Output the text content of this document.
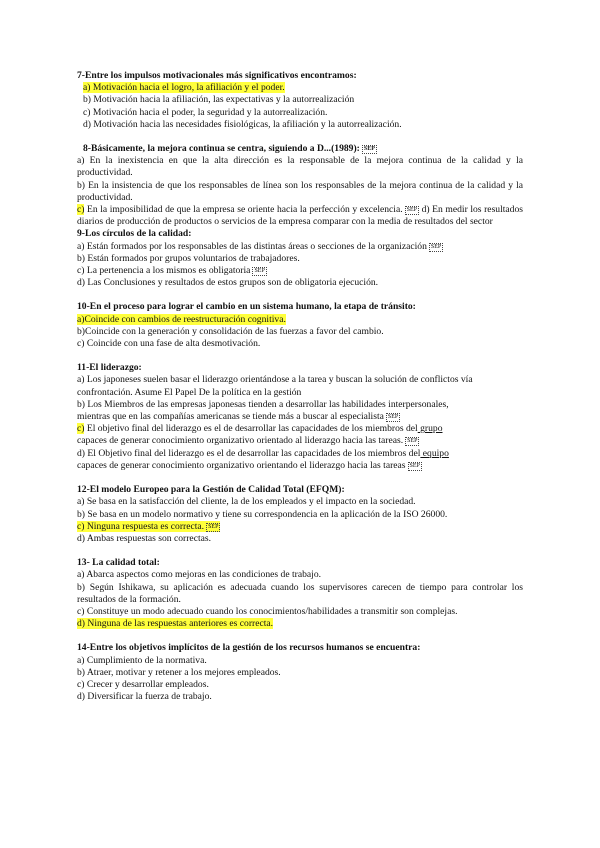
7-Entre los impulsos motivacionales más significativos encontramos:

a) Motivación hacia el logro, la afiliación y el poder.

b) Motivación hacia la afiliación, las expectativas y la autorrealización

c) Motivación hacia el poder, la seguridad y la autorrealización.

d) Motivación hacia las necesidades fisiológicas, la afiliación y la autorrealización.

8-Básicamente, la mejora continua se centra, siguiendo a D...(1989): SEP

a) En la inexistencia en que la alta dirección es la responsable de la mejora continua de la calidad y la productividad.

b) En la insistencia de que los responsables de línea son los responsables de la mejora continua de la calidad y la productividad.

c) En la imposibilidad de que la empresa se oriente hacia la perfección y excelencia. SEP d) En medir los resultados diarios de producción de productos o servicios de la empresa comparar con la media de resultados del sector

9-Los círculos de la calidad:

a) Están formados por los responsables de las distintas áreas o secciones de la organización SEP

b) Están formados por grupos voluntarios de trabajadores.

c) La pertenencia a los mismos es obligatoria SEP

d) Las Conclusiones y resultados de estos grupos son de obligatoria ejecución.

10-En el proceso para lograr el cambio en un sistema humano, la etapa de tránsito:

a)Coincide con cambios de reestructuración cognitiva.

b)Coincide con la generación y consolidación de las fuerzas a favor del cambio.

c) Coincide con una fase de alta desmotivación.

11-El liderazgo:

a) Los japoneses suelen basar el liderazgo orientándose a la tarea y buscan la solución de conflictos vía confrontación. Asume El Papel De la política en la gestión

b) Los Miembros de las empresas japonesas tienden a desarrollar las habilidades interpersonales,

mientras que en las compañías americanas se tiende más a buscar al especialista SEP

c) El objetivo final del liderazgo es el de desarrollar las capacidades de los miembros del grupo

capaces de generar conocimiento organizativo orientado al liderazgo hacia las tareas. SEP

d) El Objetivo final del liderazgo es el de desarrollar las capacidades de los miembros del equipo

capaces de generar conocimiento organizativo orientando el liderazgo hacia las tareas SEP

12-El modelo Europeo para la Gestión de Calidad Total (EFQM):

a) Se basa en la satisfacción del cliente, la de los empleados y el impacto en la sociedad.

b) Se basa en un modelo normativo y tiene su correspondencia en la aplicación de la ISO 26000.

c) Ninguna respuesta es correcta. SEP

d) Ambas respuestas son correctas.

13- La calidad total:

a) Abarca aspectos como mejoras en las condiciones de trabajo.

b) Según Ishikawa, su aplicación es adecuada cuando los supervisores carecen de tiempo para controlar los resultados de la formación.

c) Constituye un modo adecuado cuando los conocimientos/habilidades a transmitir son complejas.

d) Ninguna de las respuestas anteriores es correcta.

14-Entre los objetivos implícitos de la gestión de los recursos humanos se encuentra:

a) Cumplimiento de la normativa.

b) Atraer, motivar y retener a los mejores empleados.

c) Crecer y desarrollar empleados.

d) Diversificar la fuerza de trabajo.
